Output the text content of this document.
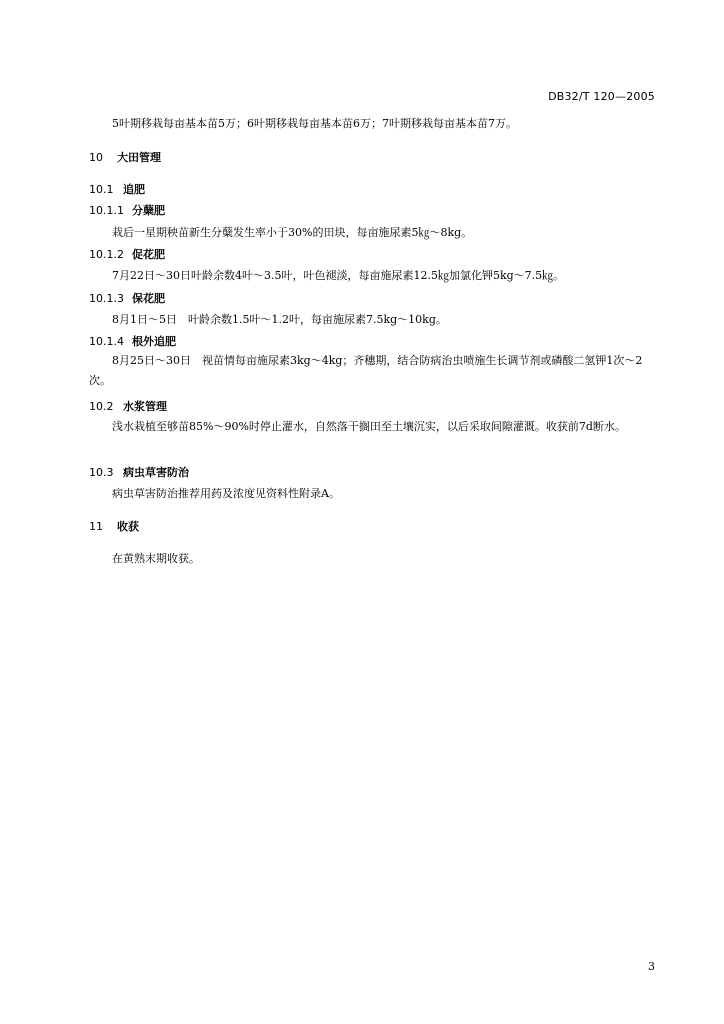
DB32/T 120—2005
5叶期移栽每亩基本苗5万；6叶期移栽每亩基本苗6万；7叶期移栽每亩基本苗7万。
10 大田管理
10.1 追肥
10.1.1 分蘖肥
栽后一星期秧苗新生分蘖发生率小于30%的田块，每亩施尿素5㎏～8kg。
10.1.2 促花肥
7月22日～30日叶龄余数4叶～3.5叶，叶色褪淡，每亩施尿素12.5㎏加氯化钾5kg～7.5㎏。
10.1.3 保花肥
8月1日～5日　叶龄余数1.5叶～1.2叶，每亩施尿素7.5kg～10kg。
10.1.4 根外追肥
8月25日～30日　视苗情每亩施尿素3kg～4kg；齐穗期，结合防病治虫喷施生长调节剂或磷酸二氢钾1次～2次。
10.2 水浆管理
浅水栽植至够苗85%～90%时停止灌水，自然落干搁田至土壤沉实，以后采取间隙灌溉。收获前7d断水。
10.3 病虫草害防治
病虫草害防治推荐用药及浓度见资料性附录A。
11 收获
在黄熟末期收获。
3
